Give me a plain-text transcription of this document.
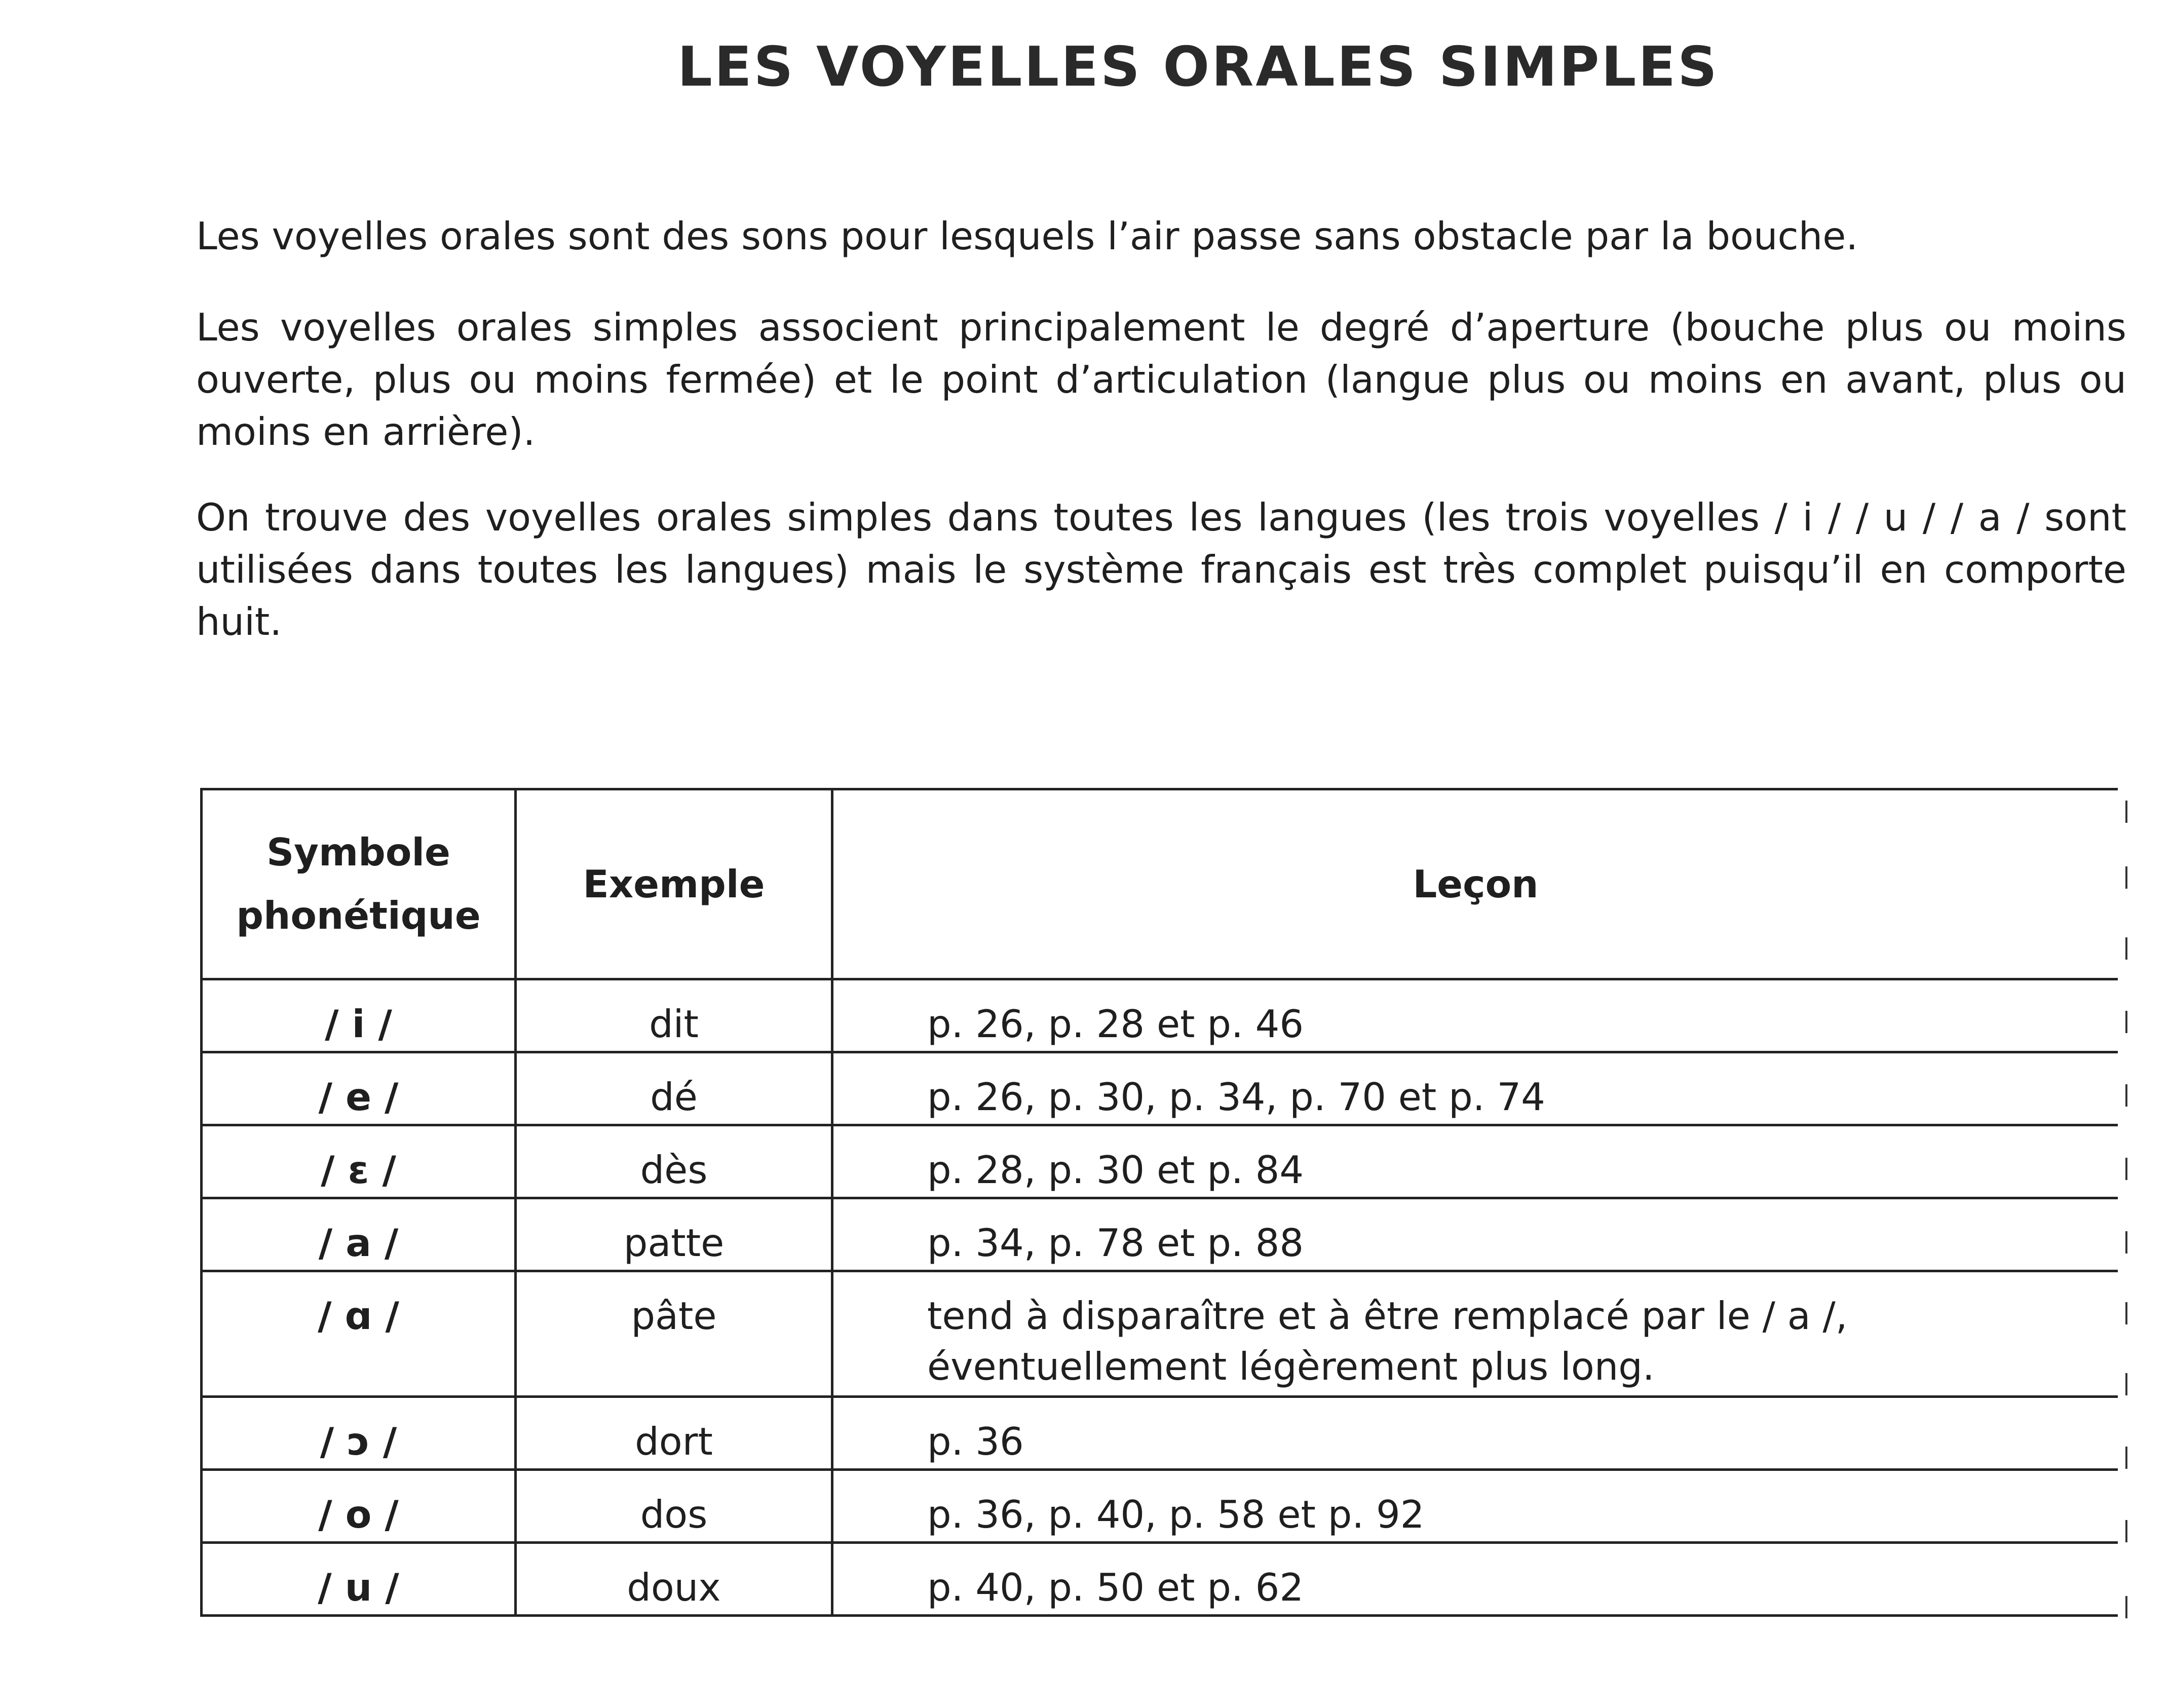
LES VOYELLES ORALES SIMPLES

Les voyelles orales sont des sons pour lesquels l’air passe sans obstacle par la bouche.

Les voyelles orales simples associent principalement le degré d’aperture (bouche plus ou moins ouverte, plus ou moins fermée) et le point d’articulation (langue plus ou moins en avant, plus ou moins en arrière).

On trouve des voyelles orales simples dans toutes les langues (les trois voyelles / i / / u / / a / sont utilisées dans toutes les langues) mais le système français est très complet puisqu’il en comporte huit.

Symbole phonétique	Exemple	Leçon
/ i /	dit	p. 26, p. 28 et p. 46
/ e /	dé	p. 26, p. 30, p. 34, p. 70 et p. 74
/ ɛ /	dès	p. 28, p. 30 et p. 84
/ a /	patte	p. 34, p. 78 et p. 88
/ ɑ /	pâte	tend à disparaître et à être remplacé par le / a /, éventuellement légèrement plus long.
/ ɔ /	dort	p. 36
/ o /	dos	p. 36, p. 40, p. 58 et p. 92
/ u /	doux	p. 40, p. 50 et p. 62
